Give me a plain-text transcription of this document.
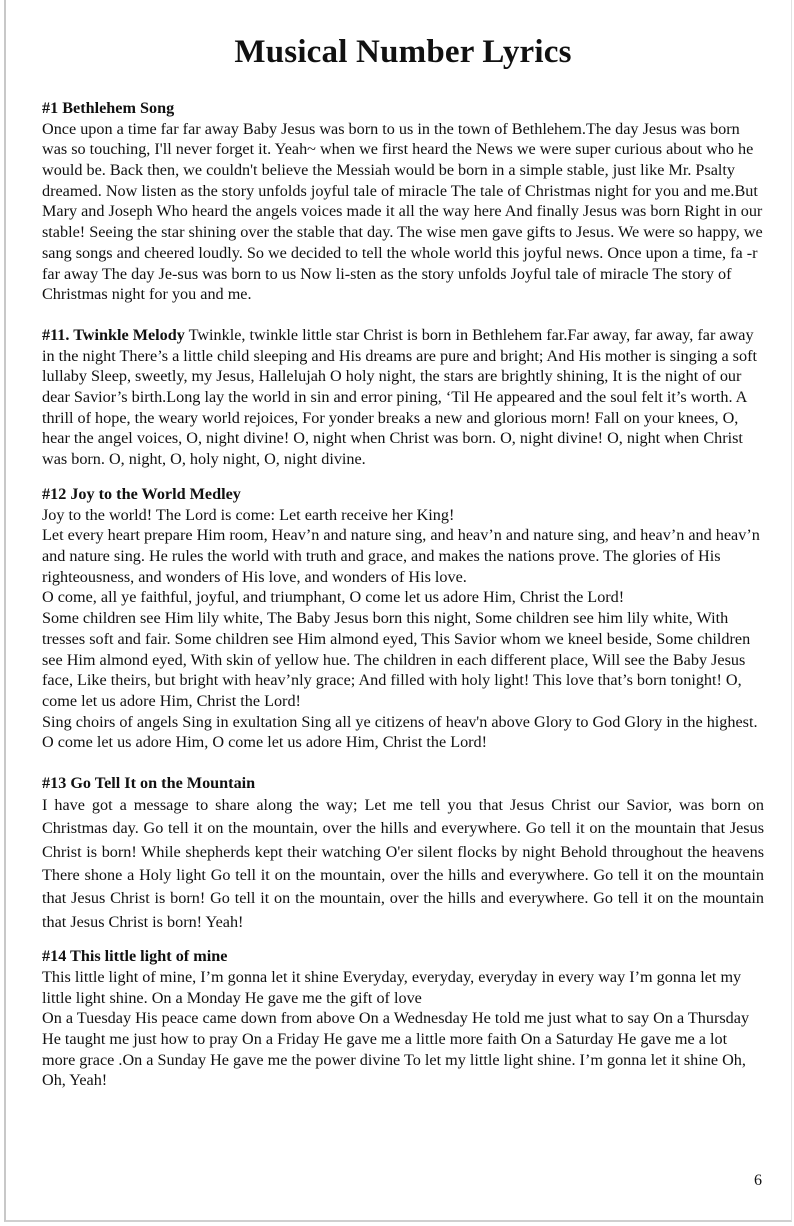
Musical Number Lyrics

#1 Bethlehem Song

Once upon a time far far away Baby Jesus was born to us in the town of Bethlehem.The day Jesus was born was so touching, I'll never forget it. Yeah~ when we first heard the News we were super curious about who he would be. Back then, we couldn't believe the Messiah would be born in a simple stable, just like Mr. Psalty dreamed. Now listen as the story unfolds joyful tale of miracle The tale of Christmas night for you and me.But Mary and Joseph Who heard the angels voices made it all the way here And finally Jesus was born Right in our stable! Seeing the star shining over the stable that day. The wise men gave gifts to Jesus. We were so happy, we sang songs and cheered loudly. So we decided to tell the whole world this joyful news. Once upon a time, fa -r far away The day Je-sus was born to us Now li-sten as the story unfolds Joyful tale of miracle The story of Christmas night for you and me.

#11. Twinkle Melody Twinkle, twinkle little star Christ is born in Bethlehem far.Far away, far away, far away in the night There’s a little child sleeping and His dreams are pure and bright; And His mother is singing a soft lullaby Sleep, sweetly, my Jesus, Hallelujah O holy night, the stars are brightly shining, It is the night of our dear Savior’s birth.Long lay the world in sin and error pining, ‘Til He appeared and the soul felt it’s worth. A thrill of hope, the weary world rejoices, For yonder breaks a new and glorious morn! Fall on your knees, O, hear the angel voices, O, night divine! O, night when Christ was born. O, night divine! O, night when Christ was born. O, night, O, holy night, O, night divine.

#12 Joy to the World Medley

Joy to the world! The Lord is come: Let earth receive her King!

Let every heart prepare Him room, Heav’n and nature sing, and heav’n and nature sing, and heav’n and heav’n and nature sing. He rules the world with truth and grace, and makes the nations prove. The glories of His righteousness, and wonders of His love, and wonders of His love.

O come, all ye faithful, joyful, and triumphant, O come let us adore Him, Christ the Lord!

Some children see Him lily white, The Baby Jesus born this night, Some children see him lily white, With tresses soft and fair. Some children see Him almond eyed, This Savior whom we kneel beside, Some children see Him almond eyed, With skin of yellow hue. The children in each different place, Will see the Baby Jesus face, Like theirs, but bright with heav’nly grace; And filled with holy light! This love that’s born tonight! O, come let us adore Him, Christ the Lord!

Sing choirs of angels Sing in exultation Sing all ye citizens of heav'n above Glory to God Glory in the highest. O come let us adore Him, O come let us adore Him, Christ the Lord!

#13 Go Tell It on the Mountain

I have got a message to share along the way; Let me tell you that Jesus Christ our Savior, was born on Christmas day. Go tell it on the mountain, over the hills and everywhere. Go tell it on the mountain that Jesus Christ is born! While shepherds kept their watching O'er silent flocks by night Behold throughout the heavens There shone a Holy light Go tell it on the mountain, over the hills and everywhere. Go tell it on the mountain that Jesus Christ is born! Go tell it on the mountain, over the hills and everywhere. Go tell it on the mountain that Jesus Christ is born! Yeah!

#14 This little light of mine

This little light of mine, I’m gonna let it shine Everyday, everyday, everyday in every way I’m gonna let my little light shine. On a Monday He gave me the gift of love

On a Tuesday His peace came down from above On a Wednesday He told me just what to say On a Thursday He taught me just how to pray On a Friday He gave me a little more faith On a Saturday He gave me a lot more grace .On a Sunday He gave me the power divine To let my little light shine. I’m gonna let it shine Oh, Oh, Yeah!

6
